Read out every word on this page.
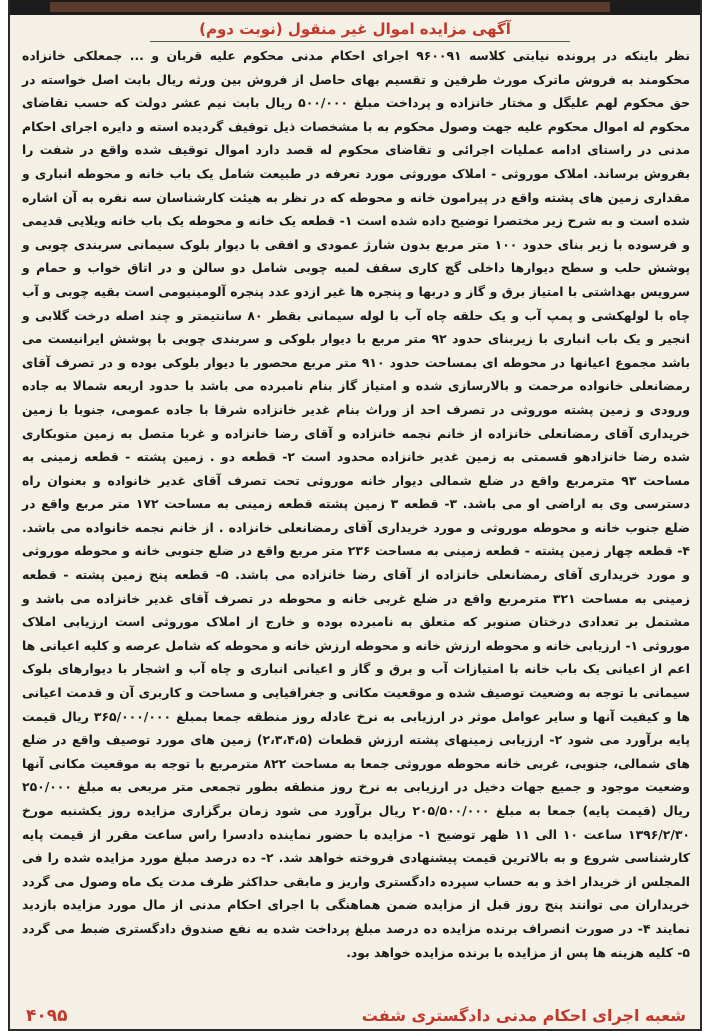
آگهی مزایده اموال غیر منقول (نوبت دوم)
نظر باینکه در پرونده نیابتی کلاسه ۹۶۰۰۹۱ اجرای احکام مدنی محکوم علیه قربان و ... جمعلکی خانزاده محکومند به فروش ماترک مورث طرفین و تقسیم بهای حاصل از فروش بین ورثه ریال بابت اصل خواسته در حق محکوم لهم علیگل و مختار خانزاده و پرداخت مبلغ ۵۰۰/۰۰۰ ریال بابت نیم عشر دولت که حسب تقاضای محکوم له اموال محکوم علیه جهت وصول محکوم به با مشخصات ذیل توقیف گردیده استه و دایره اجرای احکام مدنی در راستای ادامه عملیات اجرائی و تقاضای محکوم له قصد دارد اموال توقیف شده واقع در شفت را بفروش برساند. املاک موروثی - املاک موروثی مورد تعرفه در طبیعت شامل یک باب خانه و محوطه انباری و مقداری زمین های پشته واقع در پیرامون خانه و محوطه که در نظر به هیئت کارشناسان سه نفره به آن اشاره شده است و به شرح زیر مختصرا توضیح داده شده است ۱- قطعه یک خانه و محوطه یک باب خانه ویلایی قدیمی و فرسوده با زیر بنای حدود ۱۰۰ متر مربع بدون شارژ عمودی و افقی با دیوار بلوک سیمانی سربندی چوبی و پوشش حلب و سطح دیوارها داخلی گچ کاری سقف لمبه چوبی شامل دو سالن و در اتاق خواب و حمام و سرویس بهداشتی با امتیاز برق و گاز و دربها و پنجره ها غیر ازدو عدد پنجره آلومینیومی است بقیه چوبی و آب چاه با لولهکشی و پمپ آب و یک حلقه چاه آب با لوله سیمانی بقطر ۸۰ سانتیمتر و چند اصله درخت گلابی و انجیر و یک باب انباری با زیربنای حدود ۹۲ متر مربع با دیوار بلوکی و سربندی چوبی با پوشش ایرانیست می باشد مجموع اعیانها در محوطه ای بمساحت حدود ۹۱۰ متر مربع محصور با دیوار بلوکی بوده و در تصرف آقای رمضانعلی خانواده مرحمت و بالارسازی شده و امتیاز گاز بنام نامبرده می باشد با حدود اربعه شمالا به جاده ورودی و زمین پشته موروثی در تصرف احد از وراث بنام غدیر خانزاده شرقا با جاده عمومی، جنوبا با زمین خریداری آقای رمضانعلی خانزاده از خانم نجمه خانزاده و آقای رضا خانزاده و غربا متصل به زمین متوبکاری شده رضا خانزادهو قسمتی به زمین غدیر خانزاده محدود است ۲- قطعه دو . زمین پشته - قطعه زمینی به مساحت ۹۳ مترمربع واقع در ضلع شمالی دیوار خانه موروثی تحت تصرف آقای غدیر خانواده و بعنوان راه دسترسی وی به اراضی او می باشد. ۳- قطعه ۳ زمین پشته قطعه زمینی به مساحت ۱۷۲ متر مربع واقع در ضلع جنوب خانه و محوطه موروثی و مورد خریداری آقای رمضانعلی خانزاده . از خانم نجمه خانواده می باشد. ۴- قطعه چهار زمین پشته - قطعه زمینی به مساحت ۲۳۶ متر مربع واقع در ضلع جنوبی خانه و محوطه موروثی و مورد خریداری آقای رمضانعلی خانزاده از آقای رضا خانزاده می باشد. ۵- قطعه پنج زمین پشته - قطعه زمینی به مساحت ۳۲۱ مترمربع واقع در ضلع غربی خانه و محوطه در تصرف آقای غدیر خانزاده می باشد و مشتمل بر تعدادی درختان صنوبر که متعلق به نامبرده بوده و خارج از املاک موروثی است ارزیابی املاک موروثی ۱- ارزیابی خانه و محوطه ارزش خانه و محوطه ارزش خانه و محوطه که شامل عرصه و کلیه اعیانی ها اعم از اعیانی یک باب خانه با امتیازات آب و برق و گاز و اعیانی انباری و چاه آب و اشجار با دیوارهای بلوک سیمانی با توجه به وضعیت توصیف شده و موقعیت مکانی و جغرافیایی و مساحت و کاربری آن و قدمت اعیانی ها و کیفیت آنها و سایر عوامل موثر در ارزیابی به نرخ عادله روز منطقه جمعا بمبلغ ۳۶۵/۰۰۰/۰۰۰ ریال قیمت پایه برآورد می شود ۲- ارزیابی زمینهای پشته ارزش قطعات (۲،۳،۴،۵) زمین های مورد توصیف واقع در ضلع های شمالی، جنوبی، غربی خانه محوطه موروثی جمعا به مساحت ۸۲۲ مترمربع با توجه به موقعیت مکانی آنها وضعیت موجود و جمیع جهات دخیل در ارزیابی به نرخ روز منطقه بطور تجمعی متر مربعی به مبلغ ۲۵۰/۰۰۰ ریال (قیمت پایه) جمعا به مبلغ ۲۰۵/۵۰۰/۰۰۰ ریال برآورد می شود زمان برگزاری مزایده روز یکشنبه مورخ ۱۳۹۶/۲/۳۰ ساعت ۱۰ الی ۱۱ ظهر توضیح ۱- مزایده با حضور نماینده دادسرا راس ساعت مقرر از قیمت پایه کارشناسی شروع و به بالاترین قیمت پیشنهادی فروخته خواهد شد. ۲- ده درصد مبلغ مورد مزایده شده را فی المجلس از خریدار اخذ و به حساب سپرده دادگستری واریز و مابقی حداکثر ظرف مدت یک ماه وصول می گردد خریداران می توانند پنج روز قبل از مزایده ضمن هماهنگی با اجرای احکام مدنی از مال مورد مزایده بازدید نمایند ۴- در صورت انصراف برنده مزایده ده درصد مبلغ پرداخت شده به نفع صندوق دادگستری ضبط می گردد ۵- کلیه هزینه ها پس از مزایده با برنده مزایده خواهد بود.
۴۰۹۵	شعبه اجرای احکام مدنی دادگستری شفت
